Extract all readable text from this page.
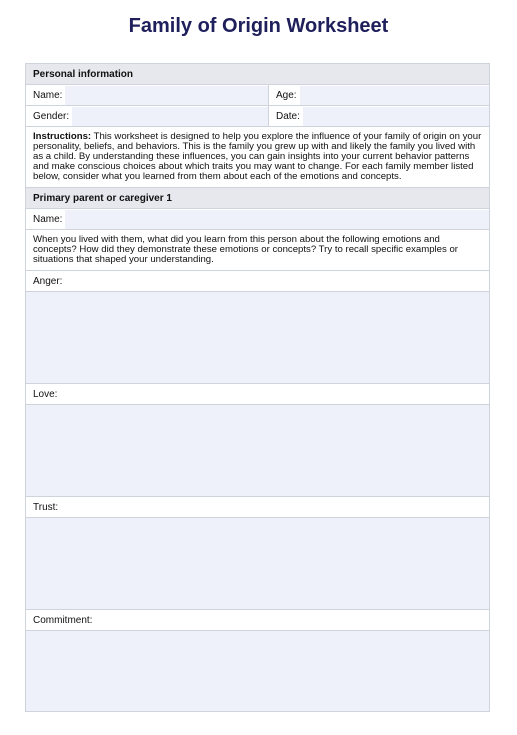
Family of Origin Worksheet
Personal information
Name:	Age:
Gender:	Date:
Instructions: This worksheet is designed to help you explore the influence of your family of origin on your personality, beliefs, and behaviors. This is the family you grew up with and likely the family you lived with as a child. By understanding these influences, you can gain insights into your current behavior patterns and make conscious choices about which traits you may want to change. For each family member listed below, consider what you learned from them about each of the emotions and concepts.
Primary parent or caregiver 1
Name:
When you lived with them, what did you learn from this person about the following emotions and concepts? How did they demonstrate these emotions or concepts? Try to recall specific examples or situations that shaped your understanding.
Anger:
Love:
Trust:
Commitment:
